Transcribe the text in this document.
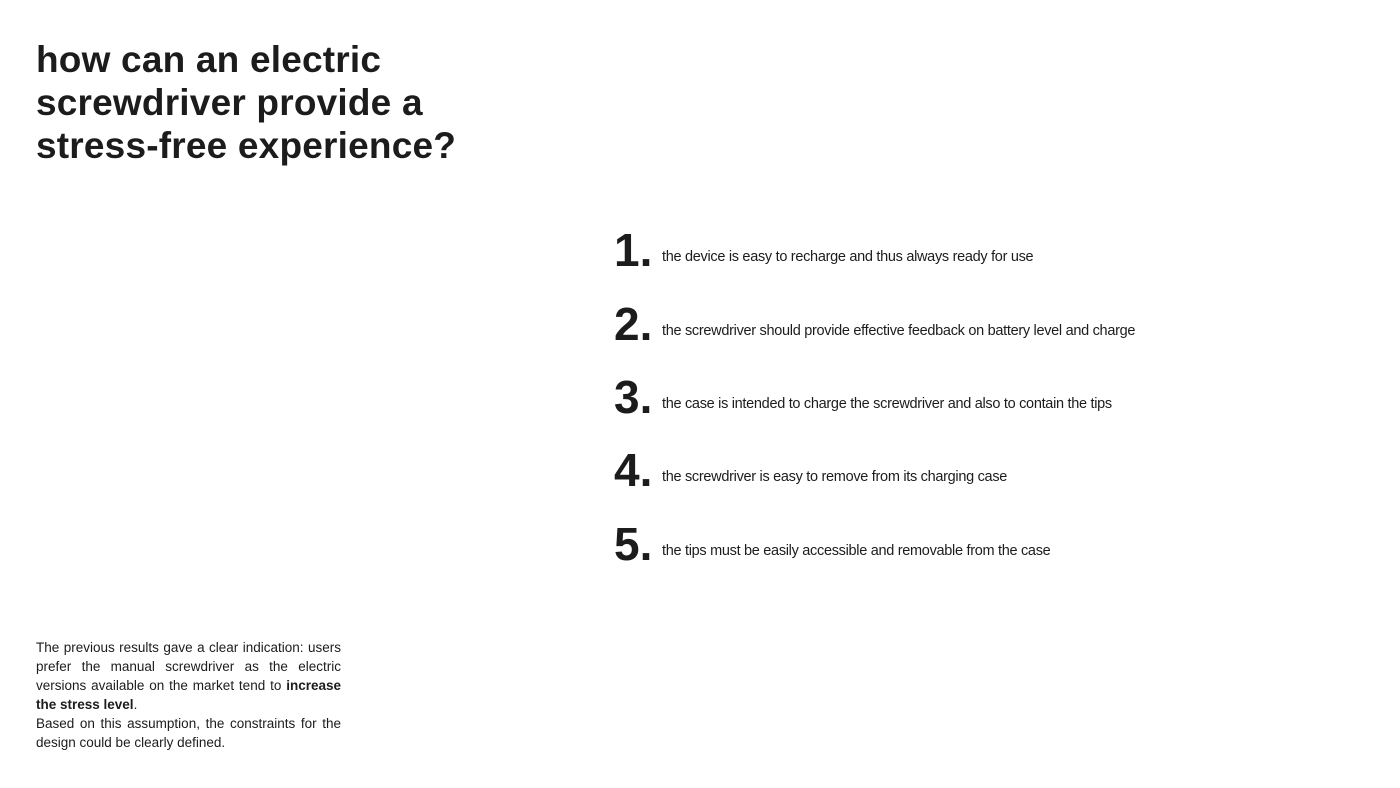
how can an electric
screwdriver provide a
stress-free experience?
1. the device is easy to recharge and thus always ready for use
2. the screwdriver should provide effective feedback on battery level and charge
3. the case is intended to charge the screwdriver and also to contain the tips
4. the screwdriver is easy to remove from its charging case
5. the tips must be easily accessible and removable from the case

The previous results gave a clear indication: users prefer the manual screwdriver as the electric versions available on the market tend to increase the stress level.

Based on this assumption, the constraints for the design could be clearly defined.
